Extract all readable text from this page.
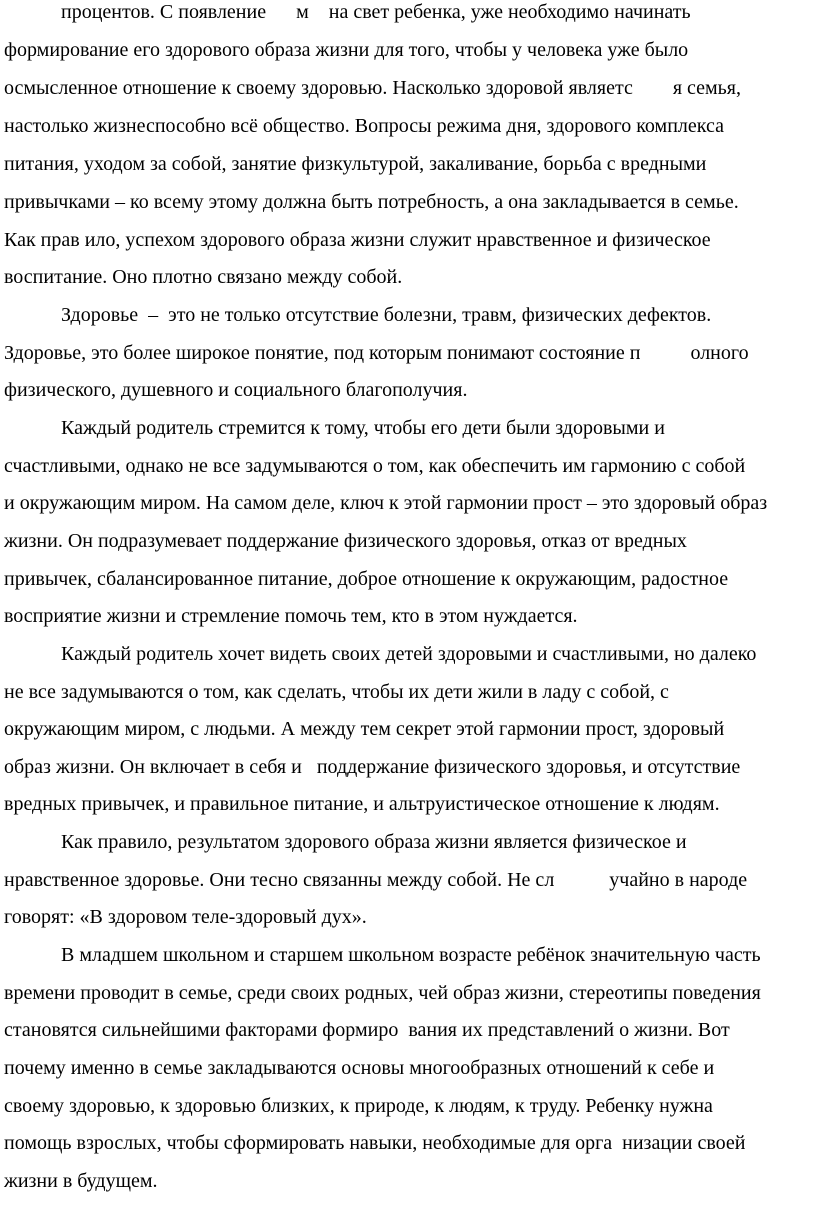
процентов. С появление      м    на свет ребенка, уже необходимо начинать
формирование его здорового образа жизни для того, чтобы у человека уже было
осмысленное отношение к своему здоровью. Насколько здоровой являетс        я семья,
настолько жизнеспособно всё общество. Вопросы режима дня, здорового комплекса
питания, уходом за собой, занятие физкультурой, закаливание, борьба с вредными
привычками – ко всему этому должна быть потребность, а она закладывается в семье.
Как прав ило, успехом здорового образа жизни служит нравственное и физическое
воспитание. Оно плотно связано между собой.
Здоровье  –  это не только отсутствие болезни, травм, физических дефектов.
Здоровье, это более широкое понятие, под которым понимают состояние п          олного
физического, душевного и социального благополучия.
Каждый родитель стремится к тому, чтобы его дети были здоровыми и
счастливыми, однако не все задумываются о том, как обеспечить им гармонию с собой
и окружающим миром. На самом деле, ключ к этой гармонии прост – это здоровый образ
жизни. Он подразумевает поддержание физического здоровья, отказ от вредных
привычек, сбалансированное питание, доброе отношение к окружающим, радостное
восприятие жизни и стремление помочь тем, кто в этом нуждается.
Каждый родитель хочет видеть своих детей здоровыми и счастливыми, но далеко
не все задумываются о том, как сделать, чтобы их дети жили в ладу с собой, с
окружающим миром, с людьми. А между тем секрет этой гармонии прост, здоровый
образ жизни. Он включает в себя и   поддержание физического здоровья, и отсутствие
вредных привычек, и правильное питание, и альтруистическое отношение к людям.
Как правило, результатом здорового образа жизни является физическое и
нравственное здоровье. Они тесно связанны между собой. Не сл           учайно в народе
говорят: «В здоровом теле-здоровый дух».
В младшем школьном и старшем школьном возрасте ребёнок значительную часть
времени проводит в семье, среди своих родных, чей образ жизни, стереотипы поведения
становятся сильнейшими факторами формиро  вания их представлений о жизни. Вот
почему именно в семье закладываются основы многообразных отношений к себе и
своему здоровью, к здоровью близких, к природе, к людям, к труду. Ребенку нужна
помощь взрослых, чтобы сформировать навыки, необходимые для орга  низации своей
жизни в будущем.
